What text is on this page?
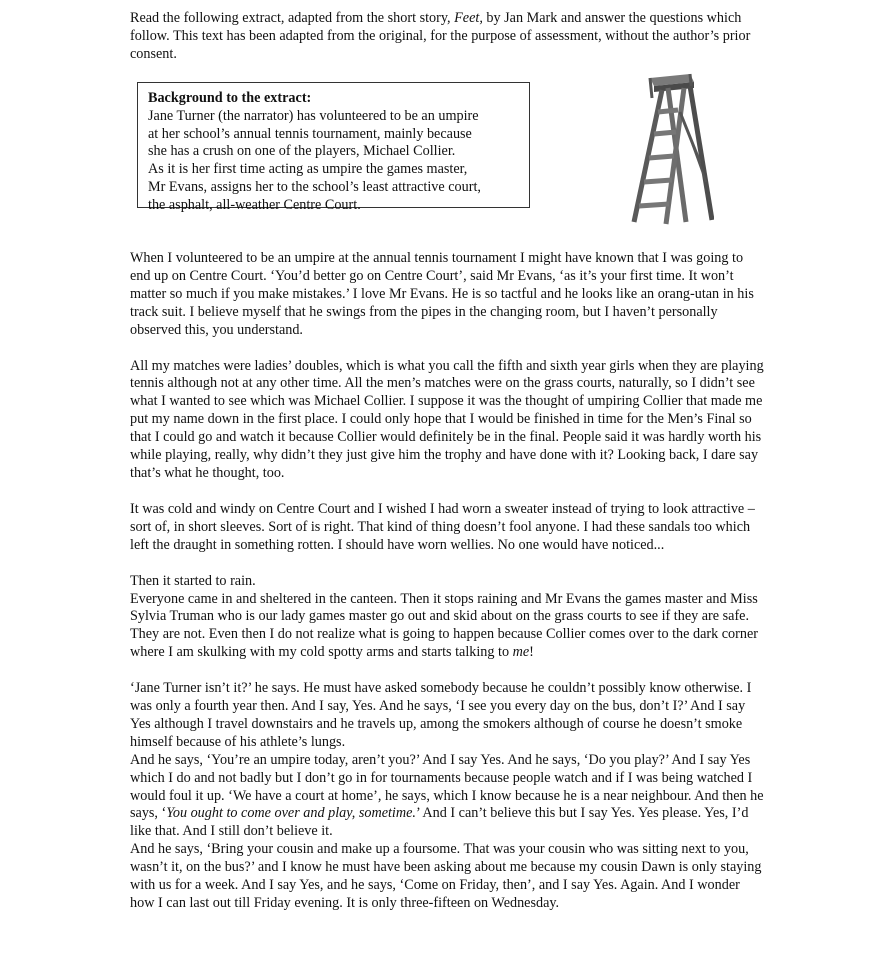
Read the following extract, adapted from the short story, Feet, by Jan Mark and answer the questions which follow. This text has been adapted from the original, for the purpose of assessment, without the author’s prior consent.

Background to the extract:
Jane Turner (the narrator) has volunteered to be an umpire
at her school’s annual tennis tournament, mainly because
she has a crush on one of the players, Michael Collier.
As it is her first time acting as umpire the games master,
Mr Evans, assigns her to the school’s least attractive court,
the asphalt, all-weather Centre Court.

When I volunteered to be an umpire at the annual tennis tournament I might have known that I was going to end up on Centre Court. ‘You’d better go on Centre Court’, said Mr Evans, ‘as it’s your first time. It won’t matter so much if you make mistakes.’ I love Mr Evans. He is so tactful and he looks like an orang-utan in his track suit. I believe myself that he swings from the pipes in the changing room, but I haven’t personally observed this, you understand.

All my matches were ladies’ doubles, which is what you call the fifth and sixth year girls when they are playing tennis although not at any other time. All the men’s matches were on the grass courts, naturally, so I didn’t see what I wanted to see which was Michael Collier. I suppose it was the thought of umpiring Collier that made me put my name down in the first place. I could only hope that I would be finished in time for the Men’s Final so that I could go and watch it because Collier would definitely be in the final. People said it was hardly worth his while playing, really, why didn’t they just give him the trophy and have done with it? Looking back, I dare say that’s what he thought, too.

It was cold and windy on Centre Court and I wished I had worn a sweater instead of trying to look attractive – sort of, in short sleeves. Sort of is right. That kind of thing doesn’t fool anyone. I had these sandals too which left the draught in something rotten. I should have worn wellies. No one would have noticed...

Then it started to rain.

Everyone came in and sheltered in the canteen. Then it stops raining and Mr Evans the games master and Miss Sylvia Truman who is our lady games master go out and skid about on the grass courts to see if they are safe. They are not. Even then I do not realize what is going to happen because Collier comes over to the dark corner where I am skulking with my cold spotty arms and starts talking to me!

‘Jane Turner isn’t it?’ he says. He must have asked somebody because he couldn’t possibly know otherwise. I was only a fourth year then. And I say, Yes. And he says, ‘I see you every day on the bus, don’t I?’ And I say Yes although I travel downstairs and he travels up, among the smokers although of course he doesn’t smoke himself because of his athlete’s lungs.

And he says, ‘You’re an umpire today, aren’t you?’ And I say Yes. And he says, ‘Do you play?’ And I say Yes which I do and not badly but I don’t go in for tournaments because people watch and if I was being watched I would foul it up. ‘We have a court at home’, he says, which I know because he is a near neighbour. And then he says, ‘You ought to come over and play, sometime.’ And I can’t believe this but I say Yes. Yes please. Yes, I’d like that. And I still don’t believe it.

And he says, ‘Bring your cousin and make up a foursome. That was your cousin who was sitting next to you, wasn’t it, on the bus?’ and I know he must have been asking about me because my cousin Dawn is only staying with us for a week. And I say Yes, and he says, ‘Come on Friday, then’, and I say Yes. Again. And I wonder how I can last out till Friday evening. It is only three-fifteen on Wednesday.
